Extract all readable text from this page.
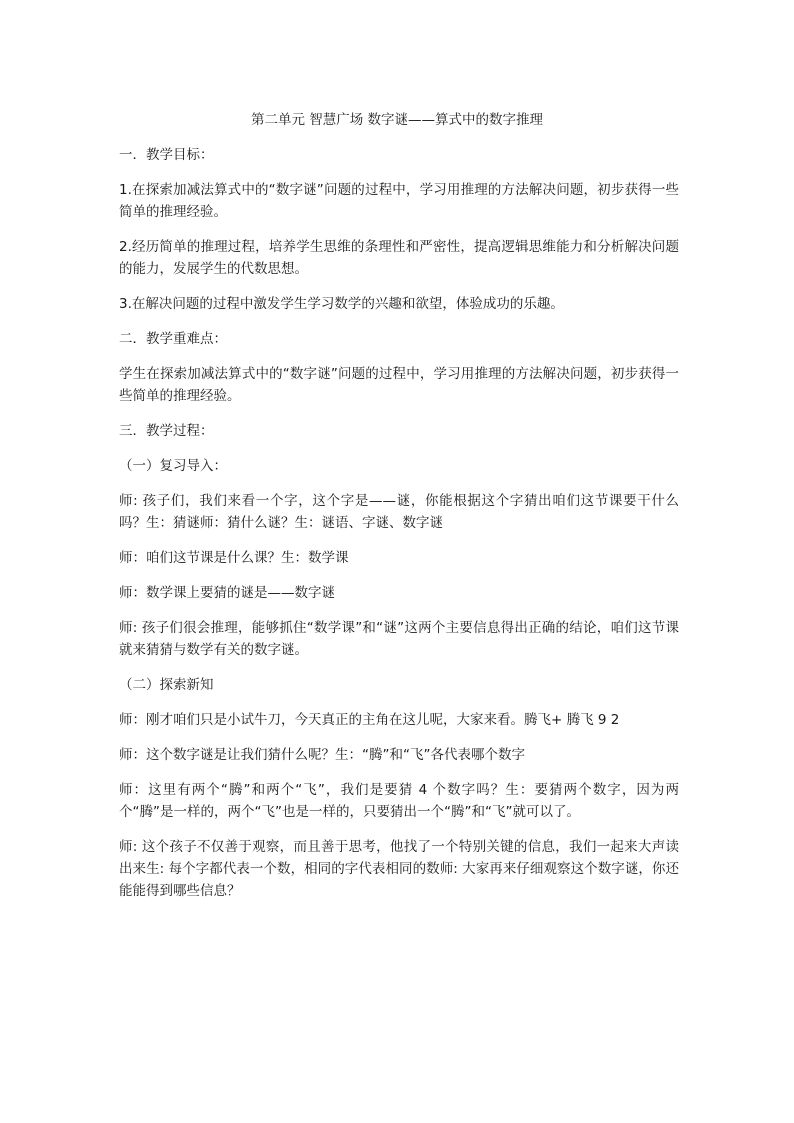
第二单元 智慧广场 数字谜——算式中的数字推理

一．教学目标：

1.在探索加减法算式中的“数字谜”问题的过程中，学习用推理的方法解决问题，初步获得一些简单的推理经验。

2.经历简单的推理过程，培养学生思维的条理性和严密性，提高逻辑思维能力和分析解决问题的能力，发展学生的代数思想。

3.在解决问题的过程中激发学生学习数学的兴趣和欲望，体验成功的乐趣。

二．教学重难点：

学生在探索加减法算式中的“数字谜”问题的过程中，学习用推理的方法解决问题，初步获得一些简单的推理经验。

三．教学过程：

（一）复习导入：

师: 孩子们，我们来看一个字，这个字是——谜，你能根据这个字猜出咱们这节课要干什么吗？生：猜谜师：猜什么谜？生：谜语、字谜、数字谜

师：咱们这节课是什么课？生：数学课

师：数学课上要猜的谜是——数字谜

师: 孩子们很会推理，能够抓住“数学课”和“谜”这两个主要信息得出正确的结论，咱们这节课就来猜猜与数学有关的数字谜。

（二）探索新知

师：刚才咱们只是小试牛刀，今天真正的主角在这儿呢，大家来看。腾飞+ 腾飞 9 2

师：这个数字谜是让我们猜什么呢？生：“腾”和“飞”各代表哪个数字

师：这里有两个“腾”和两个“飞”，我们是要猜 4 个数字吗？生：要猜两个数字，因为两个“腾”是一样的，两个“飞”也是一样的，只要猜出一个“腾”和“飞”就可以了。

师: 这个孩子不仅善于观察，而且善于思考，他找了一个特别关键的信息，我们一起来大声读出来生: 每个字都代表一个数，相同的字代表相同的数师: 大家再来仔细观察这个数字谜，你还能能得到哪些信息？
